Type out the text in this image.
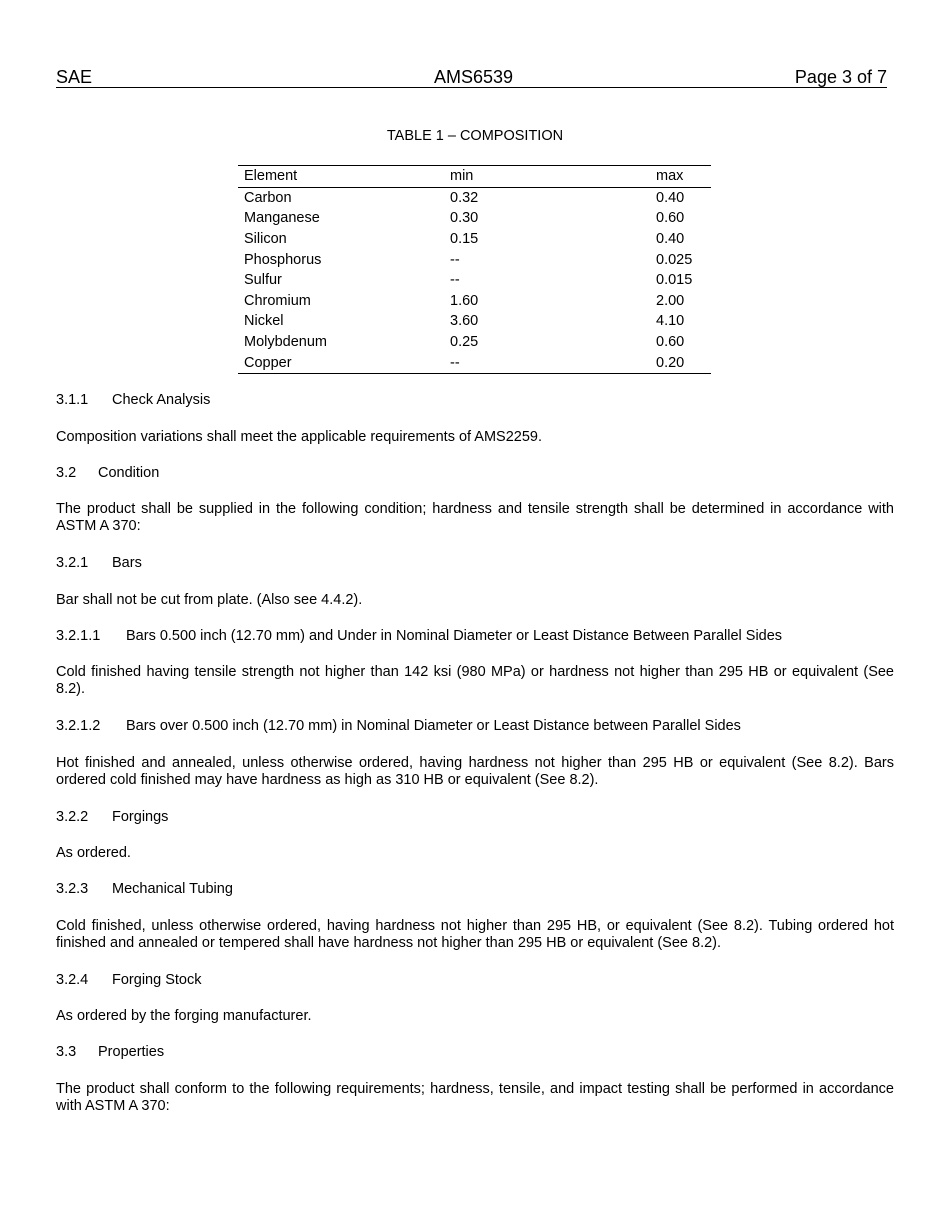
SAE	AMS6539	Page 3 of 7
TABLE 1 – COMPOSITION
Element	min	max
Carbon	0.32	0.40
Manganese	0.30	0.60
Silicon	0.15	0.40
Phosphorus	--	0.025
Sulfur	--	0.015
Chromium	1.60	2.00
Nickel	3.60	4.10
Molybdenum	0.25	0.60
Copper	--	0.20
3.1.1 Check Analysis
Composition variations shall meet the applicable requirements of AMS2259.
3.2 Condition
The product shall be supplied in the following condition; hardness and tensile strength shall be determined in accordance with ASTM A 370:
3.2.1 Bars
Bar shall not be cut from plate. (Also see 4.4.2).
3.2.1.1 Bars 0.500 inch (12.70 mm) and Under in Nominal Diameter or Least Distance Between Parallel Sides
Cold finished having tensile strength not higher than 142 ksi (980 MPa) or hardness not higher than 295 HB or equivalent (See 8.2).
3.2.1.2 Bars over 0.500 inch (12.70 mm) in Nominal Diameter or Least Distance between Parallel Sides
Hot finished and annealed, unless otherwise ordered, having hardness not higher than 295 HB or equivalent (See 8.2). Bars ordered cold finished may have hardness as high as 310 HB or equivalent (See 8.2).
3.2.2 Forgings
As ordered.
3.2.3 Mechanical Tubing
Cold finished, unless otherwise ordered, having hardness not higher than 295 HB, or equivalent (See 8.2). Tubing ordered hot finished and annealed or tempered shall have hardness not higher than 295 HB or equivalent (See 8.2).
3.2.4 Forging Stock
As ordered by the forging manufacturer.
3.3 Properties
The product shall conform to the following requirements; hardness, tensile, and impact testing shall be performed in accordance with ASTM A 370:
